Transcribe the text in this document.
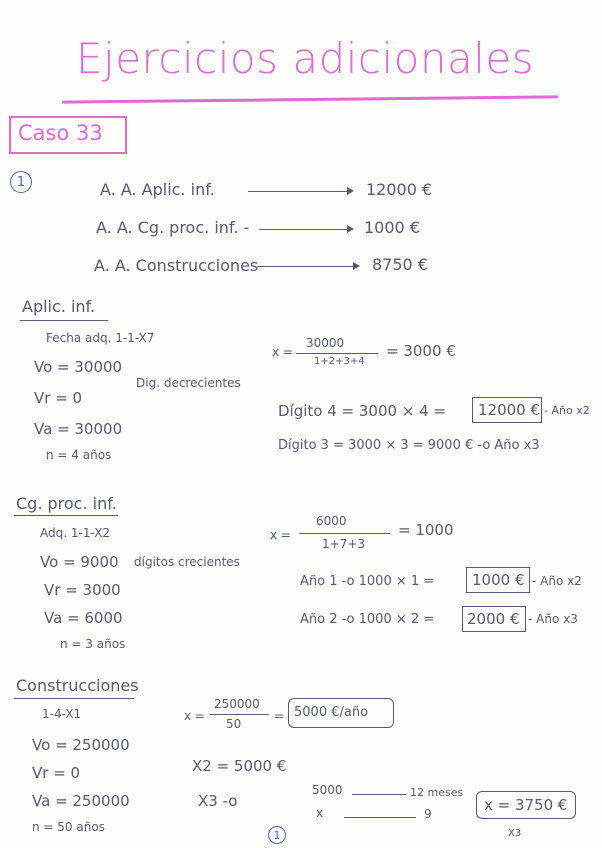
Ejercicios adicionales
Caso 33
1	A. A. Aplic. inf.	12000 €
A. A. Cg. proc. inf. -	1000 €
A. A. Construcciones	8750 €
Aplic. inf.
Fecha adq. 1-1-X7
Vo = 30000
Vr = 0
Dig. decrecientes
Va = 30000
n = 4 años
x =
30000
1+2+3+4
= 3000 €
Dígito 4 = 3000 × 4 = 12000 € - Año x2
Dígito 3 = 3000 × 3 = 9000 € -o Año x3
Cg. proc. inf.
Adq. 1-1-X2
Vo = 9000 dígitos crecientes
Vr = 3000
Va = 6000
n = 3 años
x =
6000
1+7+3
= 1000
Año 1 -o 1000 × 1 =	1000 € - Año x2
Año 2 -o 1000 × 2 = 2000 € - Año x3
Construcciones
1-4-X1
Vo = 250000
Vr = 0
Va = 250000
n = 50 años
x =
250000
50
= 5000 €/año
X2 = 5000 €
X3 -o
5000	12 meses
x	9	x = 3750 €
X3
1
